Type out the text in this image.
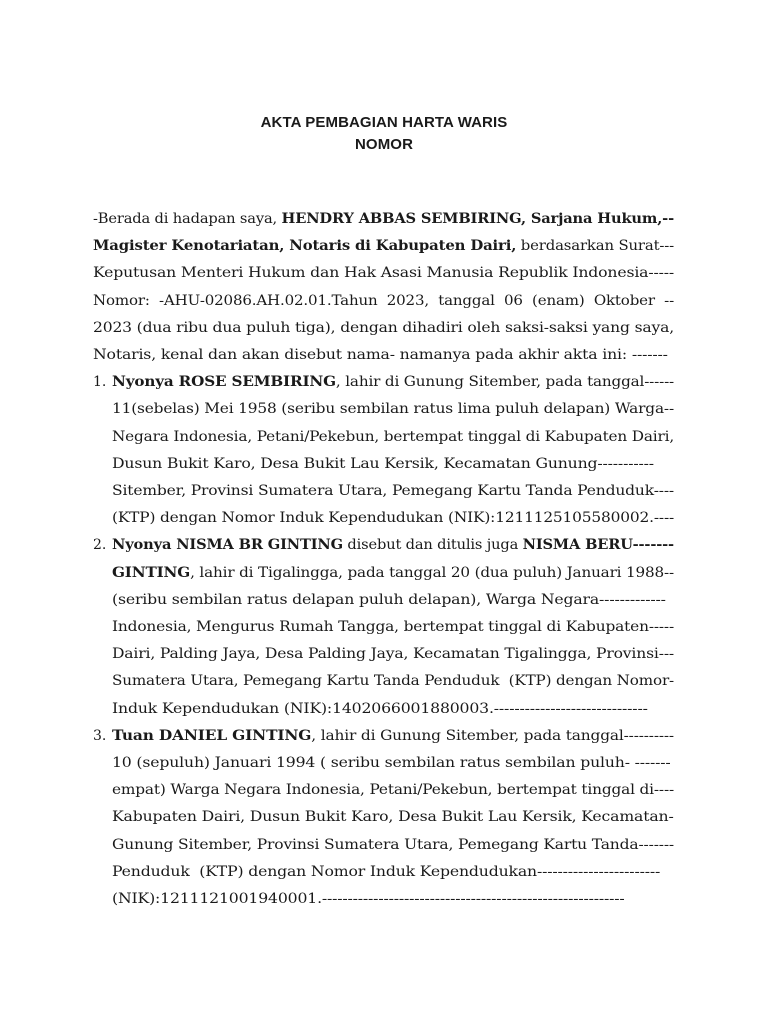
AKTA PEMBAGIAN HARTA WARIS
NOMOR
-Berada di hadapan saya, HENDRY ABBAS SEMBIRING, Sarjana Hukum,--
Magister Kenotariatan, Notaris di Kabupaten Dairi, berdasarkan Surat---
Keputusan Menteri Hukum dan Hak Asasi Manusia Republik Indonesia-----
Nomor:  -AHU-02086.AH.02.01.Tahun  2023,  tanggal  06  (enam)  Oktober  --
2023 (dua ribu dua puluh tiga), dengan dihadiri oleh saksi-saksi yang saya,
Notaris, kenal dan akan disebut nama- namanya pada akhir akta ini: -------
1. Nyonya ROSE SEMBIRING, lahir di Gunung Sitember, pada tanggal------
11(sebelas) Mei 1958 (seribu sembilan ratus lima puluh delapan) Warga--
Negara Indonesia, Petani/Pekebun, bertempat tinggal di Kabupaten Dairi,
Dusun Bukit Karo, Desa Bukit Lau Kersik, Kecamatan Gunung-----------
Sitember, Provinsi Sumatera Utara, Pemegang Kartu Tanda Penduduk----
(KTP) dengan Nomor Induk Kependudukan (NIK):1211125105580002.----
2. Nyonya NISMA BR GINTING disebut dan ditulis juga NISMA BERU-------
GINTING, lahir di Tigalingga, pada tanggal 20 (dua puluh) Januari 1988--
(seribu sembilan ratus delapan puluh delapan), Warga Negara-------------
Indonesia, Mengurus Rumah Tangga, bertempat tinggal di Kabupaten-----
Dairi, Palding Jaya, Desa Palding Jaya, Kecamatan Tigalingga, Provinsi---
Sumatera Utara, Pemegang Kartu Tanda Penduduk  (KTP) dengan Nomor-
Induk Kependudukan (NIK):1402066001880003.------------------------------
3. Tuan DANIEL GINTING, lahir di Gunung Sitember, pada tanggal----------
10 (sepuluh) Januari 1994 ( seribu sembilan ratus sembilan puluh- -------
empat) Warga Negara Indonesia, Petani/Pekebun, bertempat tinggal di----
Kabupaten Dairi, Dusun Bukit Karo, Desa Bukit Lau Kersik, Kecamatan-
Gunung Sitember, Provinsi Sumatera Utara, Pemegang Kartu Tanda-------
Penduduk  (KTP) dengan Nomor Induk Kependudukan------------------------
(NIK):1211121001940001.-----------------------------------------------------------
